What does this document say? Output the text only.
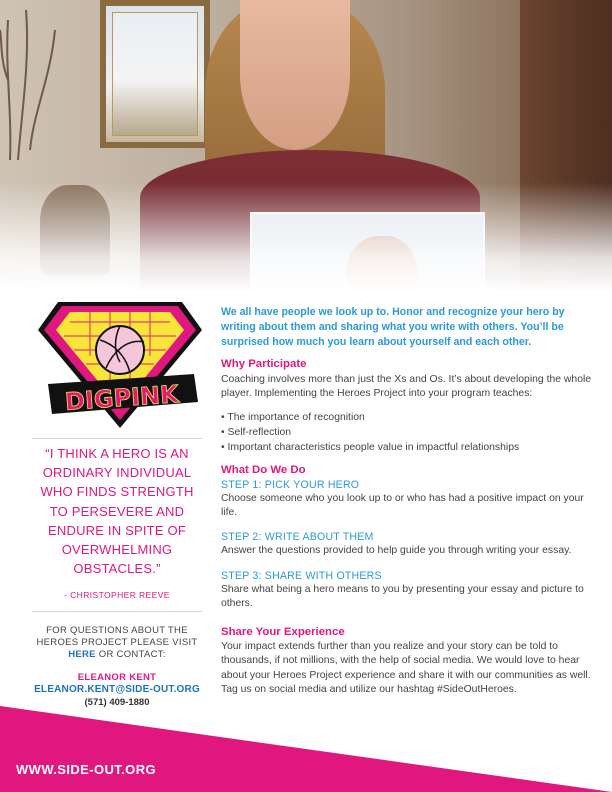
DIGPINK
“I THINK A HERO IS AN ORDINARY INDIVIDUAL WHO FINDS STRENGTH TO PERSEVERE AND ENDURE IN SPITE OF OVERWHELMING OBSTACLES.”
- CHRISTOPHER REEVE
FOR QUESTIONS ABOUT THE
HEROES PROJECT PLEASE VISIT
HERE OR CONTACT:
ELEANOR KENT
ELEANOR.KENT@SIDE-OUT.ORG
(571) 409-1880
WWW.SIDE-OUT.ORG
We all have people we look up to. Honor and recognize your hero by writing about them and sharing what you write with others. You’ll be surprised how much you learn about yourself and each other.
Why Participate
Coaching involves more than just the Xs and Os. It’s about developing the whole player. Implementing the Heroes Project into your program teaches:
• The importance of recognition
• Self-reflection
• Important characteristics people value in impactful relationships
What Do We Do
STEP 1: PICK YOUR HERO
Choose someone who you look up to or who has had a positive impact on your life.
STEP 2: WRITE ABOUT THEM
Answer the questions provided to help guide you through writing your essay.
STEP 3: SHARE WITH OTHERS
Share what being a hero means to you by presenting your essay and picture to others.
Share Your Experience
Your impact extends further than you realize and your story can be told to thousands, if not millions, with the help of social media. We would love to hear about your Heroes Project experience and share it with our communities as well. Tag us on social media and utilize our hashtag #SideOutHeroes.
